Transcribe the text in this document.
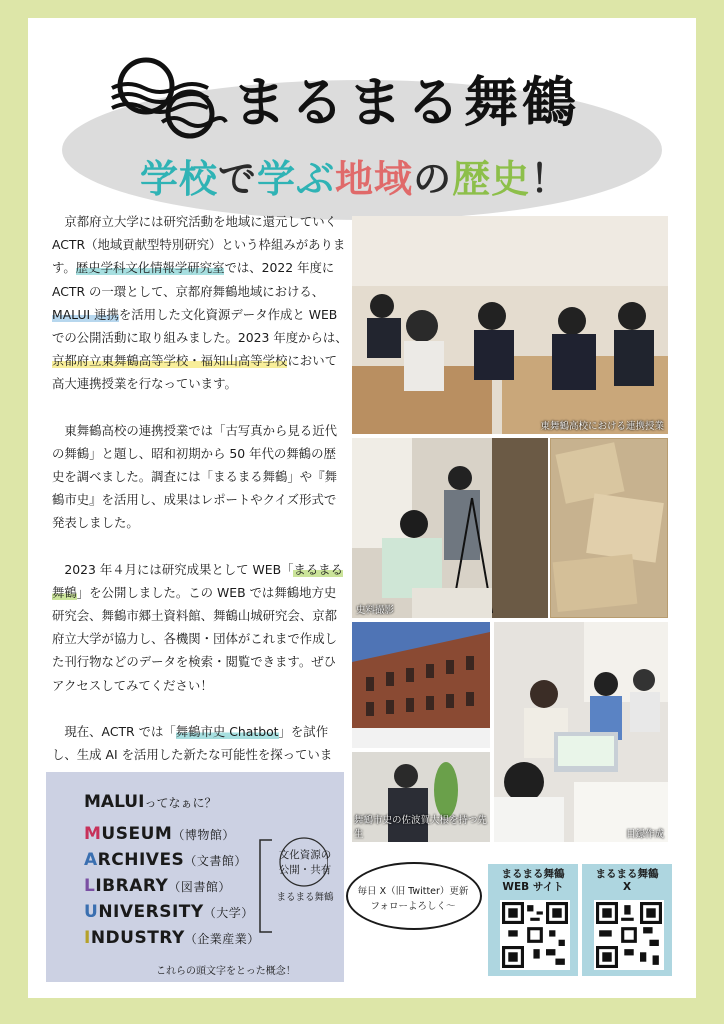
まるまる舞鶴
学校で学ぶ地域の歴史！

京都府立大学には研究活動を地域に還元していく ACTR（地域貢献型特別研究）という枠組みがあります。歴史学科文化情報学研究室では、2022 年度に ACTR の一環として、京都府舞鶴地域における、MALUI 連携を活用した文化資源データ作成と WEB での公開活動に取り組みました。2023 年度からは、京都府立東舞鶴高等学校・福知山高等学校において高大連携授業を行なっています。

東舞鶴高校の連携授業では「古写真から見る近代の舞鶴」と題し、昭和初期から 50 年代の舞鶴の歴史を調べました。調査には「まるまる舞鶴」や『舞鶴市史』を活用し、成果はレポートやクイズ形式で発表しました。

2023 年４月には研究成果として WEB「まるまる舞鶴」を公開しました。この WEB では舞鶴地方史研究会、舞鶴市郷土資料館、舞鶴山城研究会、京都府立大学が協力し、各機関・団体がこれまで作成した刊行物などのデータを検索・閲覧できます。ぜひアクセスしてみてください！

現在、ACTR では「舞鶴市史 Chatbot」を試作し、生成 AI を活用した新たな可能性を探っていま

東舞鶴高校における連携授業
史料撮影
舞鶴市史の佐波賀大根を持つ先生	目録作成
MALUIってなぁに？
MUSEUM（博物館）
ARCHIVES（文書館）
LIBRARY（図書館）
UNIVERSITY（大学）
INDUSTRY（企業産業）
これらの頭文字をとった概念！
文化資源の
公開・共有
まるまる舞鶴
毎日 X（旧 Twitter）更新
フォローよろしく～
まるまる舞鶴
WEB サイト
まるまる舞鶴
X
